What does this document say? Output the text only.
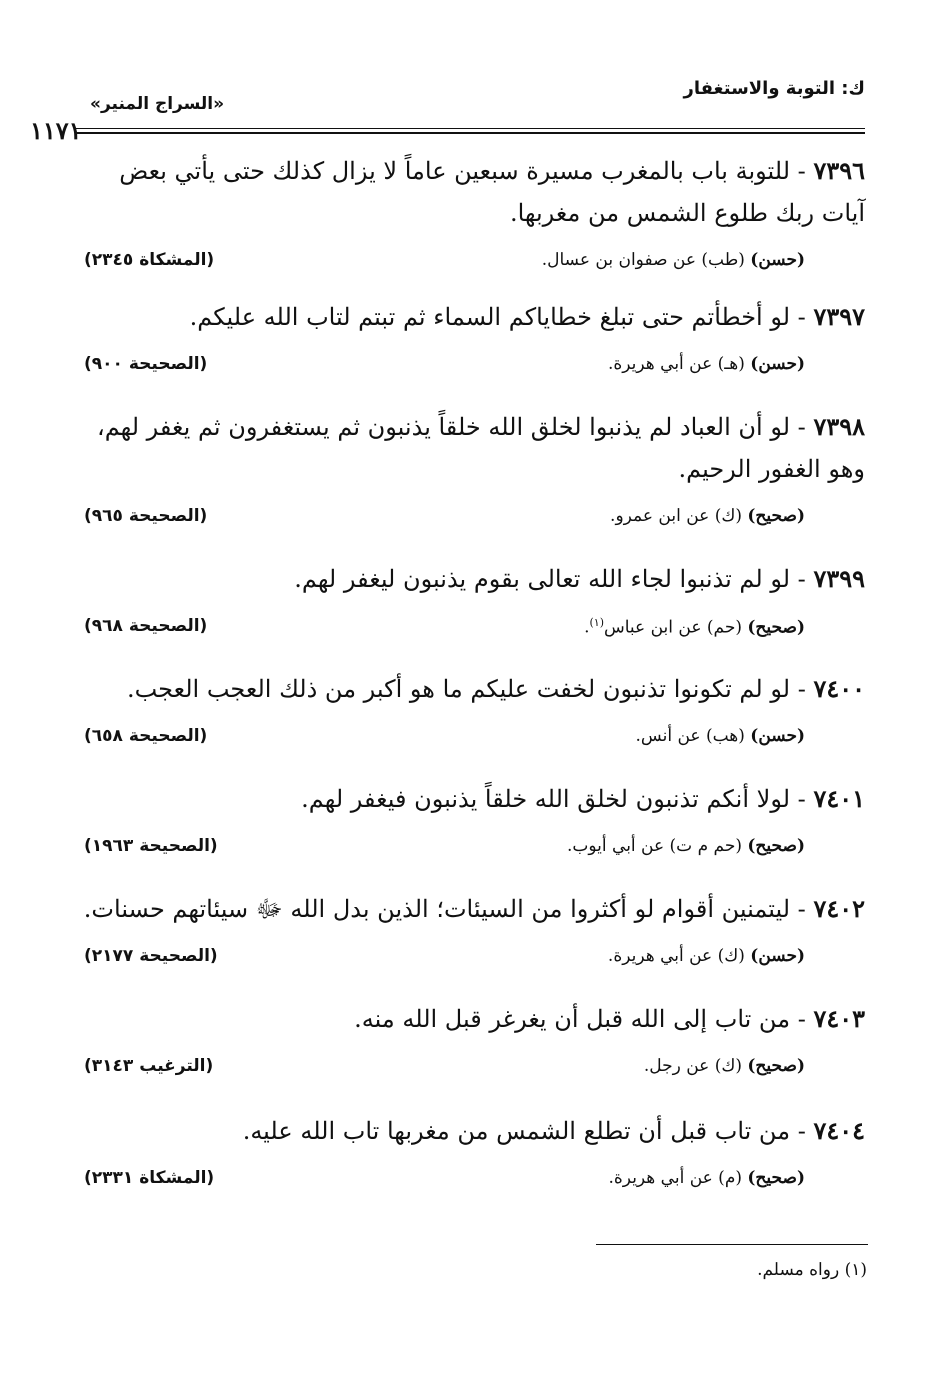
ك: التوبة والاستغفار
«السراج المنير»
١١٧١
٧٣٩٦ - للتوبة باب بالمغرب مسيرة سبعين عاماً لا يزال كذلك حتى يأتي بعض آيات ربك طلوع الشمس من مغربها.
(حسن) (طب) عن صفوان بن عسال.
(المشكاة ٢٣٤٥)
٧٣٩٧ - لو أخطأتم حتى تبلغ خطاياكم السماء ثم تبتم لتاب الله عليكم.
(حسن) (هـ) عن أبي هريرة.
(الصحيحة ٩٠٠)
٧٣٩٨ - لو أن العباد لم يذنبوا لخلق الله خلقاً يذنبون ثم يستغفرون ثم يغفر لهم، وهو الغفور الرحيم.
(صحيح) (ك) عن ابن عمرو.
(الصحيحة ٩٦٥)
٧٣٩٩ - لو لم تذنبوا لجاء الله تعالى بقوم يذنبون ليغفر لهم.
(صحيح) (حم) عن ابن عباس$^{(١)}$.
(الصحيحة ٩٦٨)
٧٤٠٠ - لو لم تكونوا تذنبون لخفت عليكم ما هو أكبر من ذلك العجب العجب.
(حسن) (هب) عن أنس.
(الصحيحة ٦٥٨)
٧٤٠١ - لولا أنكم تذنبون لخلق الله خلقاً يذنبون فيغفر لهم.
(صحيح) (حم م ت) عن أبي أيوب.
(الصحيحة ١٩٦٣)
٧٤٠٢ - ليتمنين أقوام لو أكثروا من السيئات؛ الذين بدل الله ﷻ سيئاتهم حسنات.
(حسن) (ك) عن أبي هريرة.
(الصحيحة ٢١٧٧)
٧٤٠٣ - من تاب إلى الله قبل أن يغرغر قبل الله منه.
(صحيح) (ك) عن رجل.
(الترغيب ٣١٤٣)
٧٤٠٤ - من تاب قبل أن تطلع الشمس من مغربها تاب الله عليه.
(صحيح) (م) عن أبي هريرة.
(المشكاة ٢٣٣١)
(١) رواه مسلم.
